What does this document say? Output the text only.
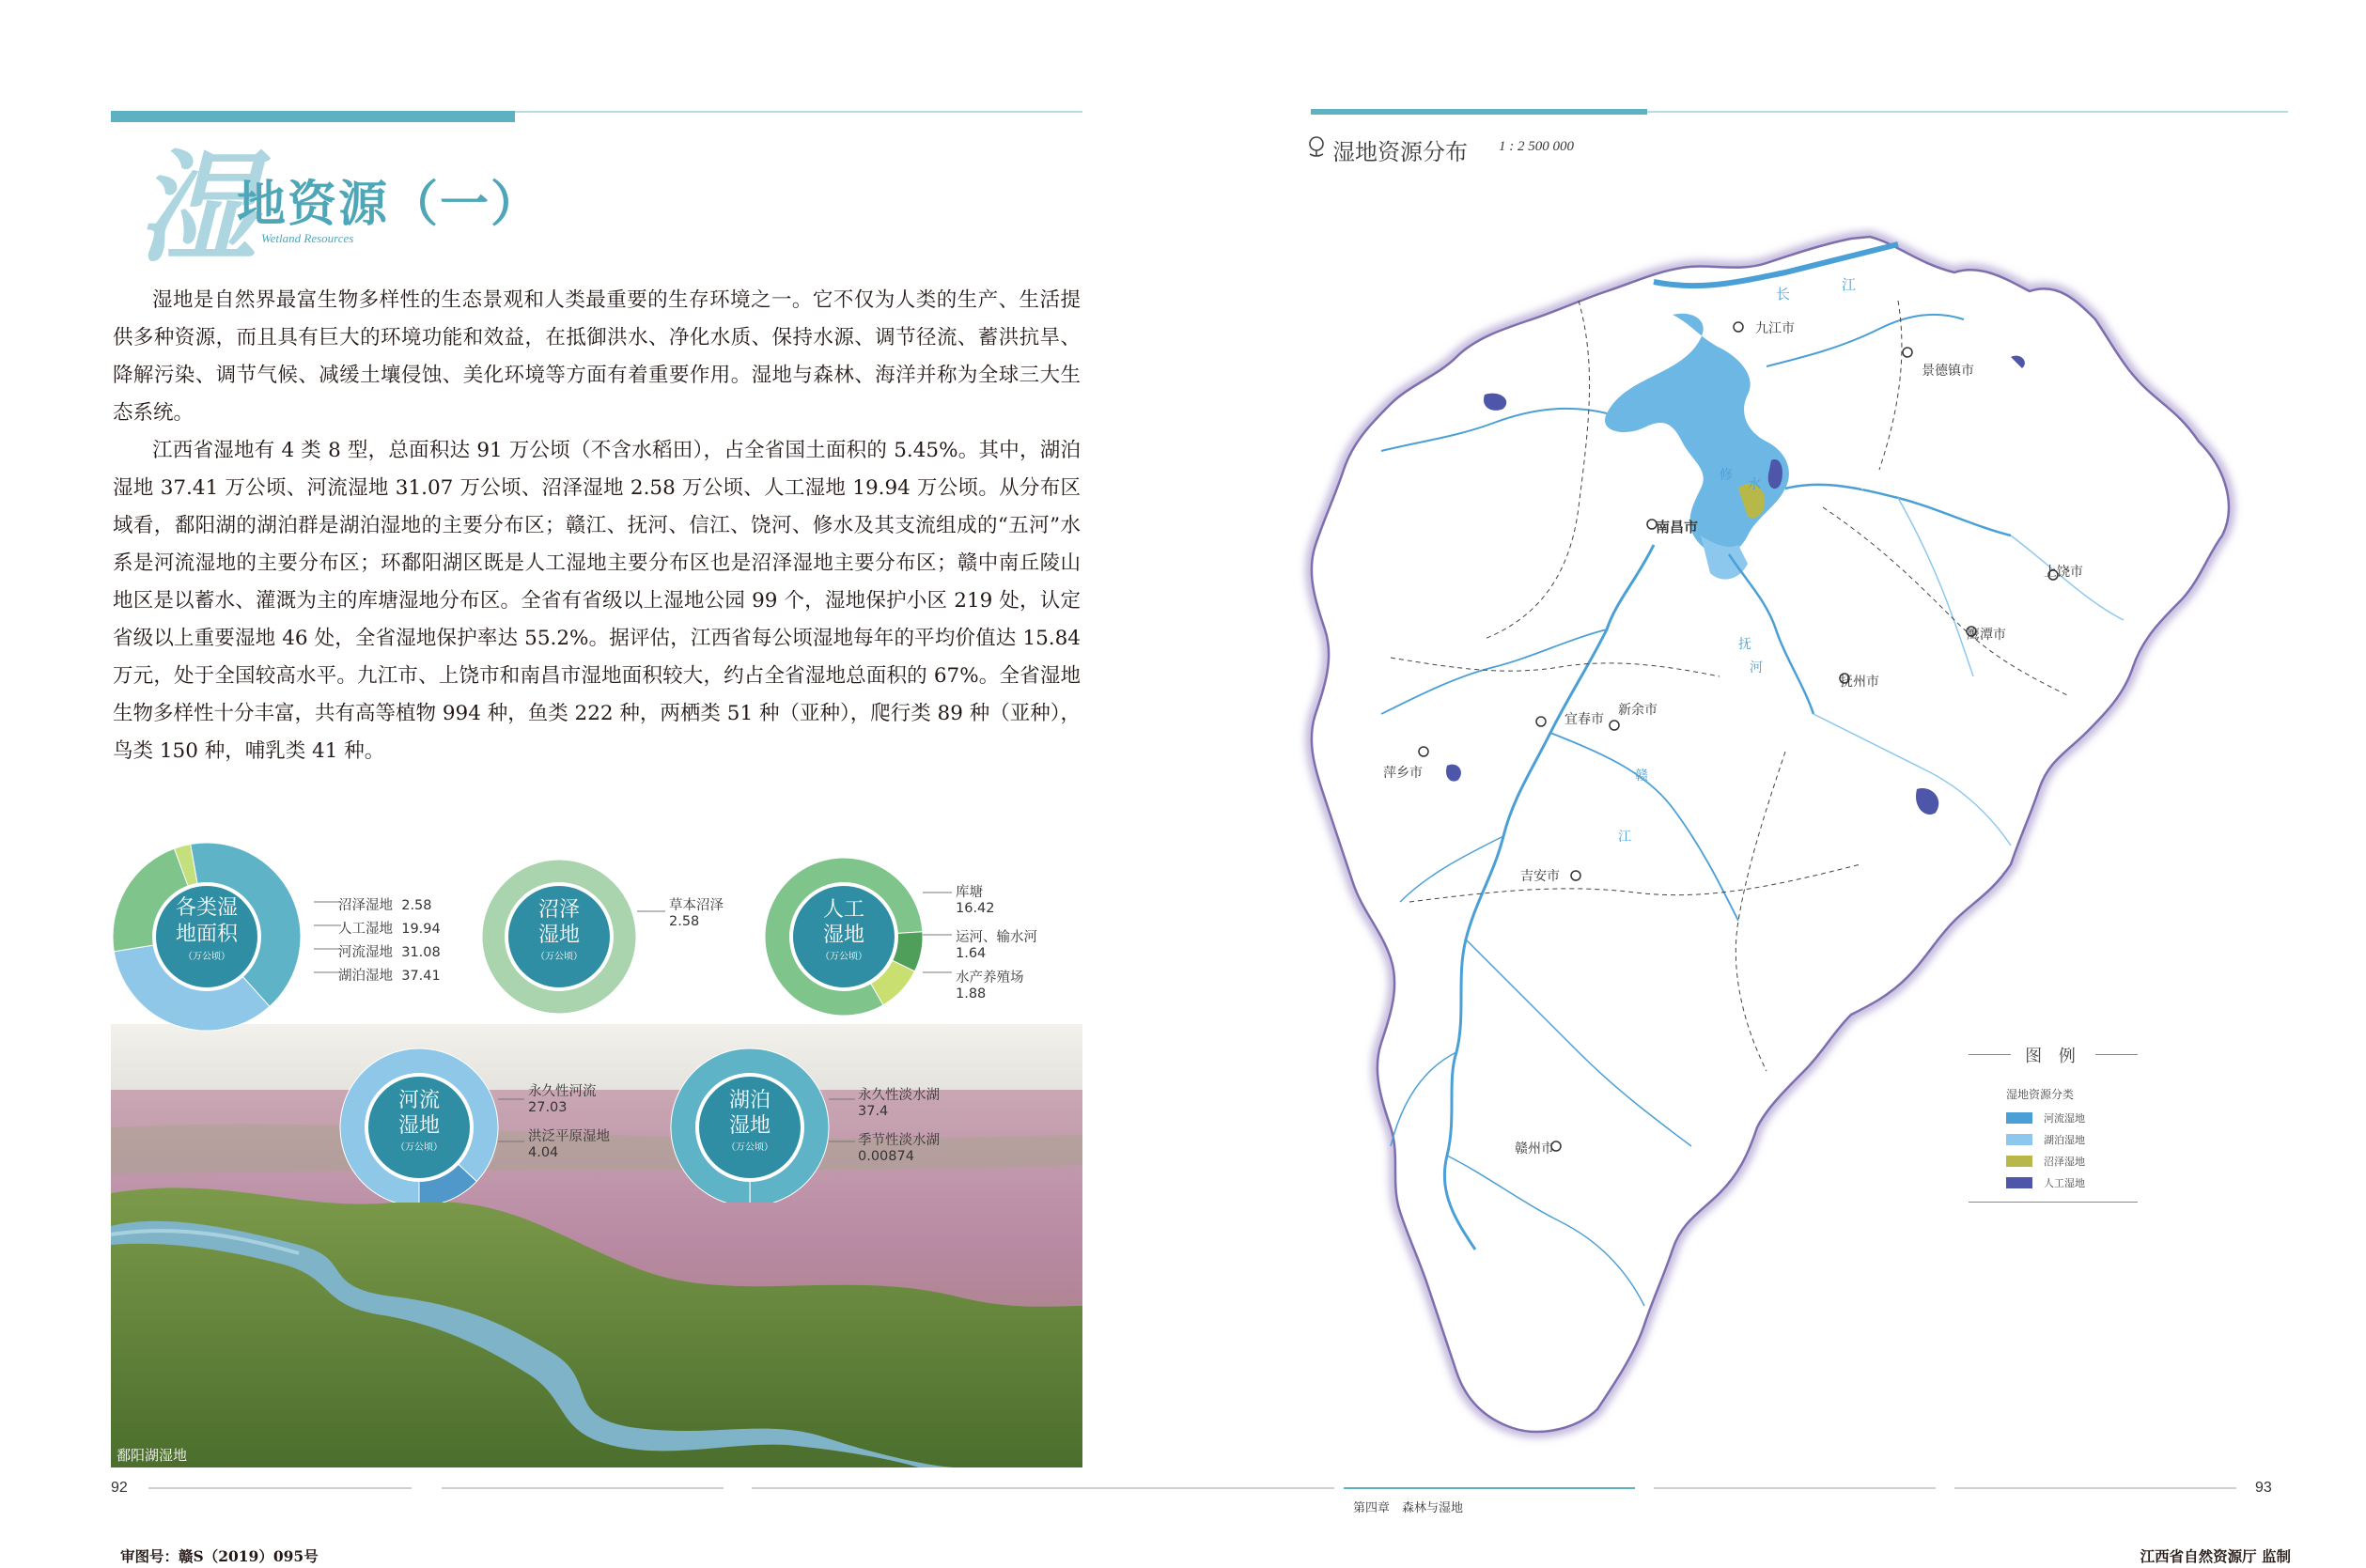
湿
地资源（一）
Wetland Resources

湿地是自然界最富生物多样性的生态景观和人类最重要的生存环境之一。它不仅为人类的生产、生活提供多种资源，而且具有巨大的环境功能和效益，在抵御洪水、净化水质、保持水源、调节径流、蓄洪抗旱、降解污染、调节气候、减缓土壤侵蚀、美化环境等方面有着重要作用。湿地与森林、海洋并称为全球三大生态系统。

江西省湿地有 4 类 8 型，总面积达 91 万公顷（不含水稻田），占全省国土面积的 5.45%。其中，湖泊湿地 37.41 万公顷、河流湿地 31.07 万公顷、沼泽湿地 2.58 万公顷、人工湿地 19.94 万公顷。从分布区域看，鄱阳湖的湖泊群是湖泊湿地的主要分布区；赣江、抚河、信江、饶河、修水及其支流组成的“五河”水系是河流湿地的主要分布区；环鄱阳湖区既是人工湿地主要分布区也是沼泽湿地主要分布区；赣中南丘陵山地区是以蓄水、灌溉为主的库塘湿地分布区。全省有省级以上湿地公园 99 个，湿地保护小区 219 处，认定省级以上重要湿地 46 处，全省湿地保护率达 55.2%。据评估，江西省每公顷湿地每年的平均价值达 15.84 万元，处于全国较高水平。九江市、上饶市和南昌市湿地面积较大，约占全省湿地总面积的 67%。全省湿地生物多样性十分丰富，共有高等植物 994 种，鱼类 222 种，两栖类 51 种（亚种），爬行类 89 种（亚种），鸟类 150 种，哺乳类 41 种。

鄱阳湖湿地
各类湿
地面积
（万公顷）
沼泽
湿地
（万公顷）
人工
湿地
（万公顷）
河流
湿地
（万公顷）
湖泊
湿地
（万公顷）
沼泽湿地 2.58
人工湿地 19.94
河流湿地 31.08
湖泊湿地 37.41
草本沼泽
2.58
库塘
16.42
运河、输水河
1.64
水产养殖场
1.88
永久性河流
27.03
洪泛平原湿地
4.04
永久性淡水湖
37.4
季节性淡水湖
0.00874
湿地资源分布 1 : 2 500 000
九江市
景德镇市
南昌市
上饶市
鹰潭市
抚州市
宜春市
新余市
萍乡市
吉安市
赣州市
长
江
鄱
阳
湖
修
水
赣
江
抚
河
图 例
湿地资源分类
河流湿地
湖泊湿地
沼泽湿地
人工湿地
92	93
第四章　森林与湿地
审图号：赣S（2019）095号	江西省自然资源厅 监制
